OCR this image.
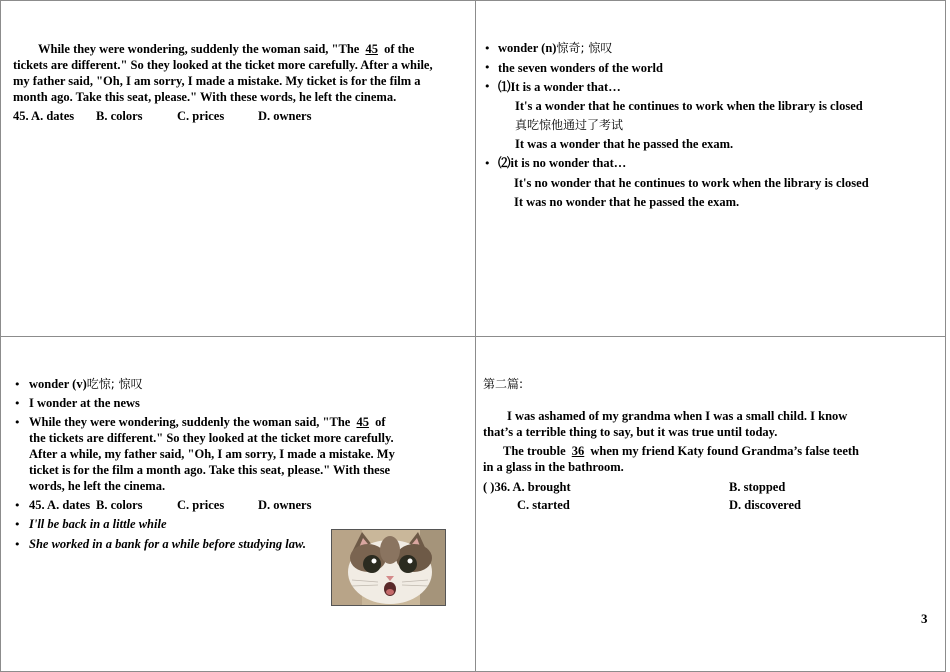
While they were wondering, suddenly the woman said, "The 45 of the
tickets are different." So they looked at the ticket more carefully. After a while,
my father said, "Oh, I am sorry, I made a mistake. My ticket is for the film a
month ago. Take this seat, please." With these words, he left the cinema.
45. A. dates B. colors	C. prices	D. owners
• wonder (n)惊奇; 惊叹
• the seven wonders of the world
• ⑴It is a wonder that…
It's a wonder that he continues to work when the library is closed
真吃惊他通过了考试
It was a wonder that he passed the exam.
• ⑵it is no wonder that…
It's no wonder that he continues to work when the library is closed
It was no wonder that he passed the exam.
• wonder (v)吃惊; 惊叹
• I wonder at the news
• While they were wondering, suddenly the woman said, "The 45 of
the tickets are different." So they looked at the ticket more carefully.
After a while, my father said, "Oh, I am sorry, I made a mistake. My
ticket is for the film a month ago. Take this seat, please." With these
words, he left the cinema.
• 45. A. dates B. colors	C. prices	D. owners
• I'll be back in a little while
• She worked in a bank for a while before studying law.
第二篇:
I was ashamed of my grandma when I was a small child. I know
that’s a terrible thing to say, but it was true until today.
The trouble 36 when my friend Katy found Grandma’s false teeth
in a glass in the bathroom.
( )36. A. brought	B. stopped
C. started	D. discovered
3
